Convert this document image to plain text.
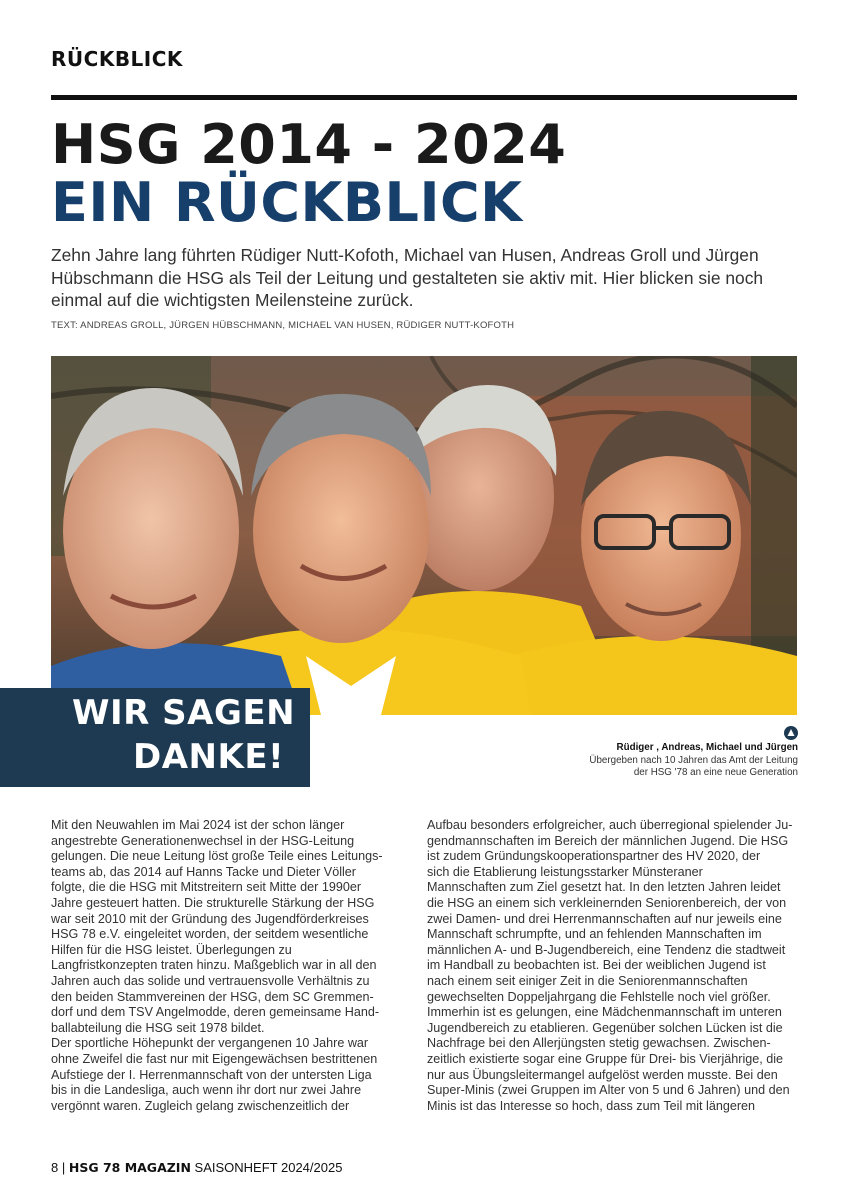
RÜCKBLICK
HSG 2014 - 2024
EIN RÜCKBLICK

Zehn Jahre lang führten Rüdiger Nutt-Kofoth, Michael van Husen, Andreas Groll und Jürgen Hübschmann die HSG als Teil der Leitung und gestalteten sie aktiv mit. Hier blicken sie noch einmal auf die wichtigsten Meilensteine zurück.

TEXT: ANDREAS GROLL, JÜRGEN HÜBSCHMANN, MICHAEL VAN HUSEN, RÜDIGER NUTT-KOFOTH
WIR SAGEN
DANKE!	Rüdiger , Andreas, Michael und Jürgen
Übergeben nach 10 Jahren das Amt der Leitung
der HSG '78 an eine neue Generation
Mit den Neuwahlen im Mai 2024 ist der schon länger
angestrebte Generationenwechsel in der HSG-Leitung
gelungen. Die neue Leitung löst große Teile eines Leitungs-
teams ab, das 2014 auf Hanns Tacke und Dieter Völler
folgte, die die HSG mit Mitstreitern seit Mitte der 1990er
Jahre gesteuert hatten. Die strukturelle Stärkung der HSG
war seit 2010 mit der Gründung des Jugendförderkreises
HSG 78 e.V. eingeleitet worden, der seitdem wesentliche
Hilfen für die HSG leistet. Überlegungen zu
Langfristkonzepten traten hinzu. Maßgeblich war in all den
Jahren auch das solide und vertrauensvolle Verhältnis zu
den beiden Stammvereinen der HSG, dem SC Gremmen-
dorf und dem TSV Angelmodde, deren gemeinsame Hand-
ballabteilung die HSG seit 1978 bildet.
Der sportliche Höhepunkt der vergangenen 10 Jahre war
ohne Zweifel die fast nur mit Eigengewächsen bestrittenen
Aufstiege der I. Herrenmannschaft von der untersten Liga
bis in die Landesliga, auch wenn ihr dort nur zwei Jahre
vergönnt waren. Zugleich gelang zwischenzeitlich der
Aufbau besonders erfolgreicher, auch überregional spielender Ju-
gendmannschaften im Bereich der männlichen Jugend. Die HSG
ist zudem Gründungskooperationspartner des HV 2020, der
sich die Etablierung leistungsstarker Münsteraner
Mannschaften zum Ziel gesetzt hat. In den letzten Jahren leidet
die HSG an einem sich verkleinernden Seniorenbereich, der von
zwei Damen- und drei Herrenmannschaften auf nur jeweils eine
Mannschaft schrumpfte, und an fehlenden Mannschaften im
männlichen A- und B-Jugendbereich, eine Tendenz die stadtweit
im Handball zu beobachten ist. Bei der weiblichen Jugend ist
nach einem seit einiger Zeit in die Seniorenmannschaften
gewechselten Doppeljahrgang die Fehlstelle noch viel größer.
Immerhin ist es gelungen, eine Mädchenmannschaft im unteren
Jugendbereich zu etablieren. Gegenüber solchen Lücken ist die
Nachfrage bei den Allerjüngsten stetig gewachsen. Zwischen-
zeitlich existierte sogar eine Gruppe für Drei- bis Vierjährige, die
nur aus Übungsleitermangel aufgelöst werden musste. Bei den
Super-Minis (zwei Gruppen im Alter von 5 und 6 Jahren) und den
Minis ist das Interesse so hoch, dass zum Teil mit längeren
8 | HSG 78 MAGAZIN SAISONHEFT 2024/2025
